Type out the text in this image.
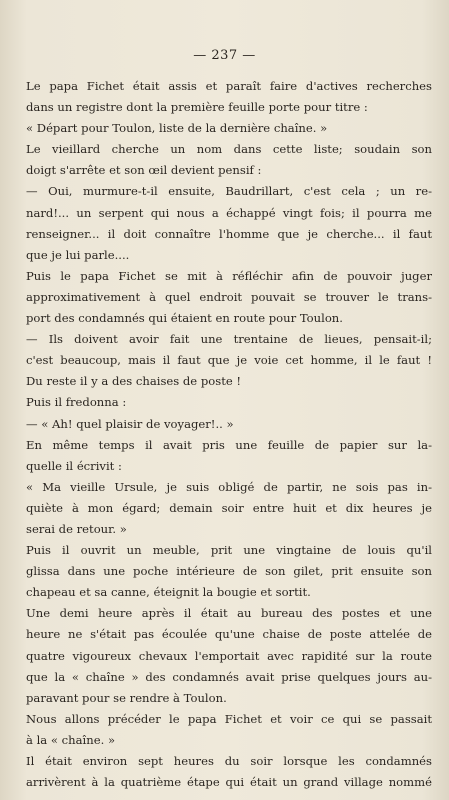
— 237 —
Le papa Fichet était assis et paraît faire d'actives recherches
dans un registre dont la première feuille porte pour titre :
« Départ pour Toulon, liste de la dernière chaîne. »
Le vieillard cherche un nom dans cette liste; soudain son
doigt s'arrête et son œil devient pensif :
— Oui, murmure-t-il ensuite, Baudrillart, c'est cela ; un re-
nard!... un serpent qui nous a échappé vingt fois; il pourra me
renseigner... il doit connaître l'homme que je cherche... il faut
que je lui parle....
Puis le papa Fichet se mit à réfléchir afin de pouvoir juger
approximativement à quel endroit pouvait se trouver le trans-
port des condamnés qui étaient en route pour Toulon.
— Ils doivent avoir fait une trentaine de lieues, pensait-il;
c'est beaucoup, mais il faut que je voie cet homme, il le faut !
Du reste il y a des chaises de poste !
Puis il fredonna :
— « Ah! quel plaisir de voyager!.. »
En même temps il avait pris une feuille de papier sur la-
quelle il écrivit :
« Ma vieille Ursule, je suis obligé de partir, ne sois pas in-
quiète à mon égard; demain soir entre huit et dix heures je
serai de retour. »
Puis il ouvrit un meuble, prit une vingtaine de louis qu'il
glissa dans une poche intérieure de son gilet, prit ensuite son
chapeau et sa canne, éteignit la bougie et sortit.
Une demi heure après il était au bureau des postes et une
heure ne s'était pas écoulée qu'une chaise de poste attelée de
quatre vigoureux chevaux l'emportait avec rapidité sur la route
que la « chaîne » des condamnés avait prise quelques jours au-
paravant pour se rendre à Toulon.
Nous allons précéder le papa Fichet et voir ce qui se passait
à la « chaîne. »
Il était environ sept heures du soir lorsque les condamnés
arrivèrent à la quatrième étape qui était un grand village nommé
